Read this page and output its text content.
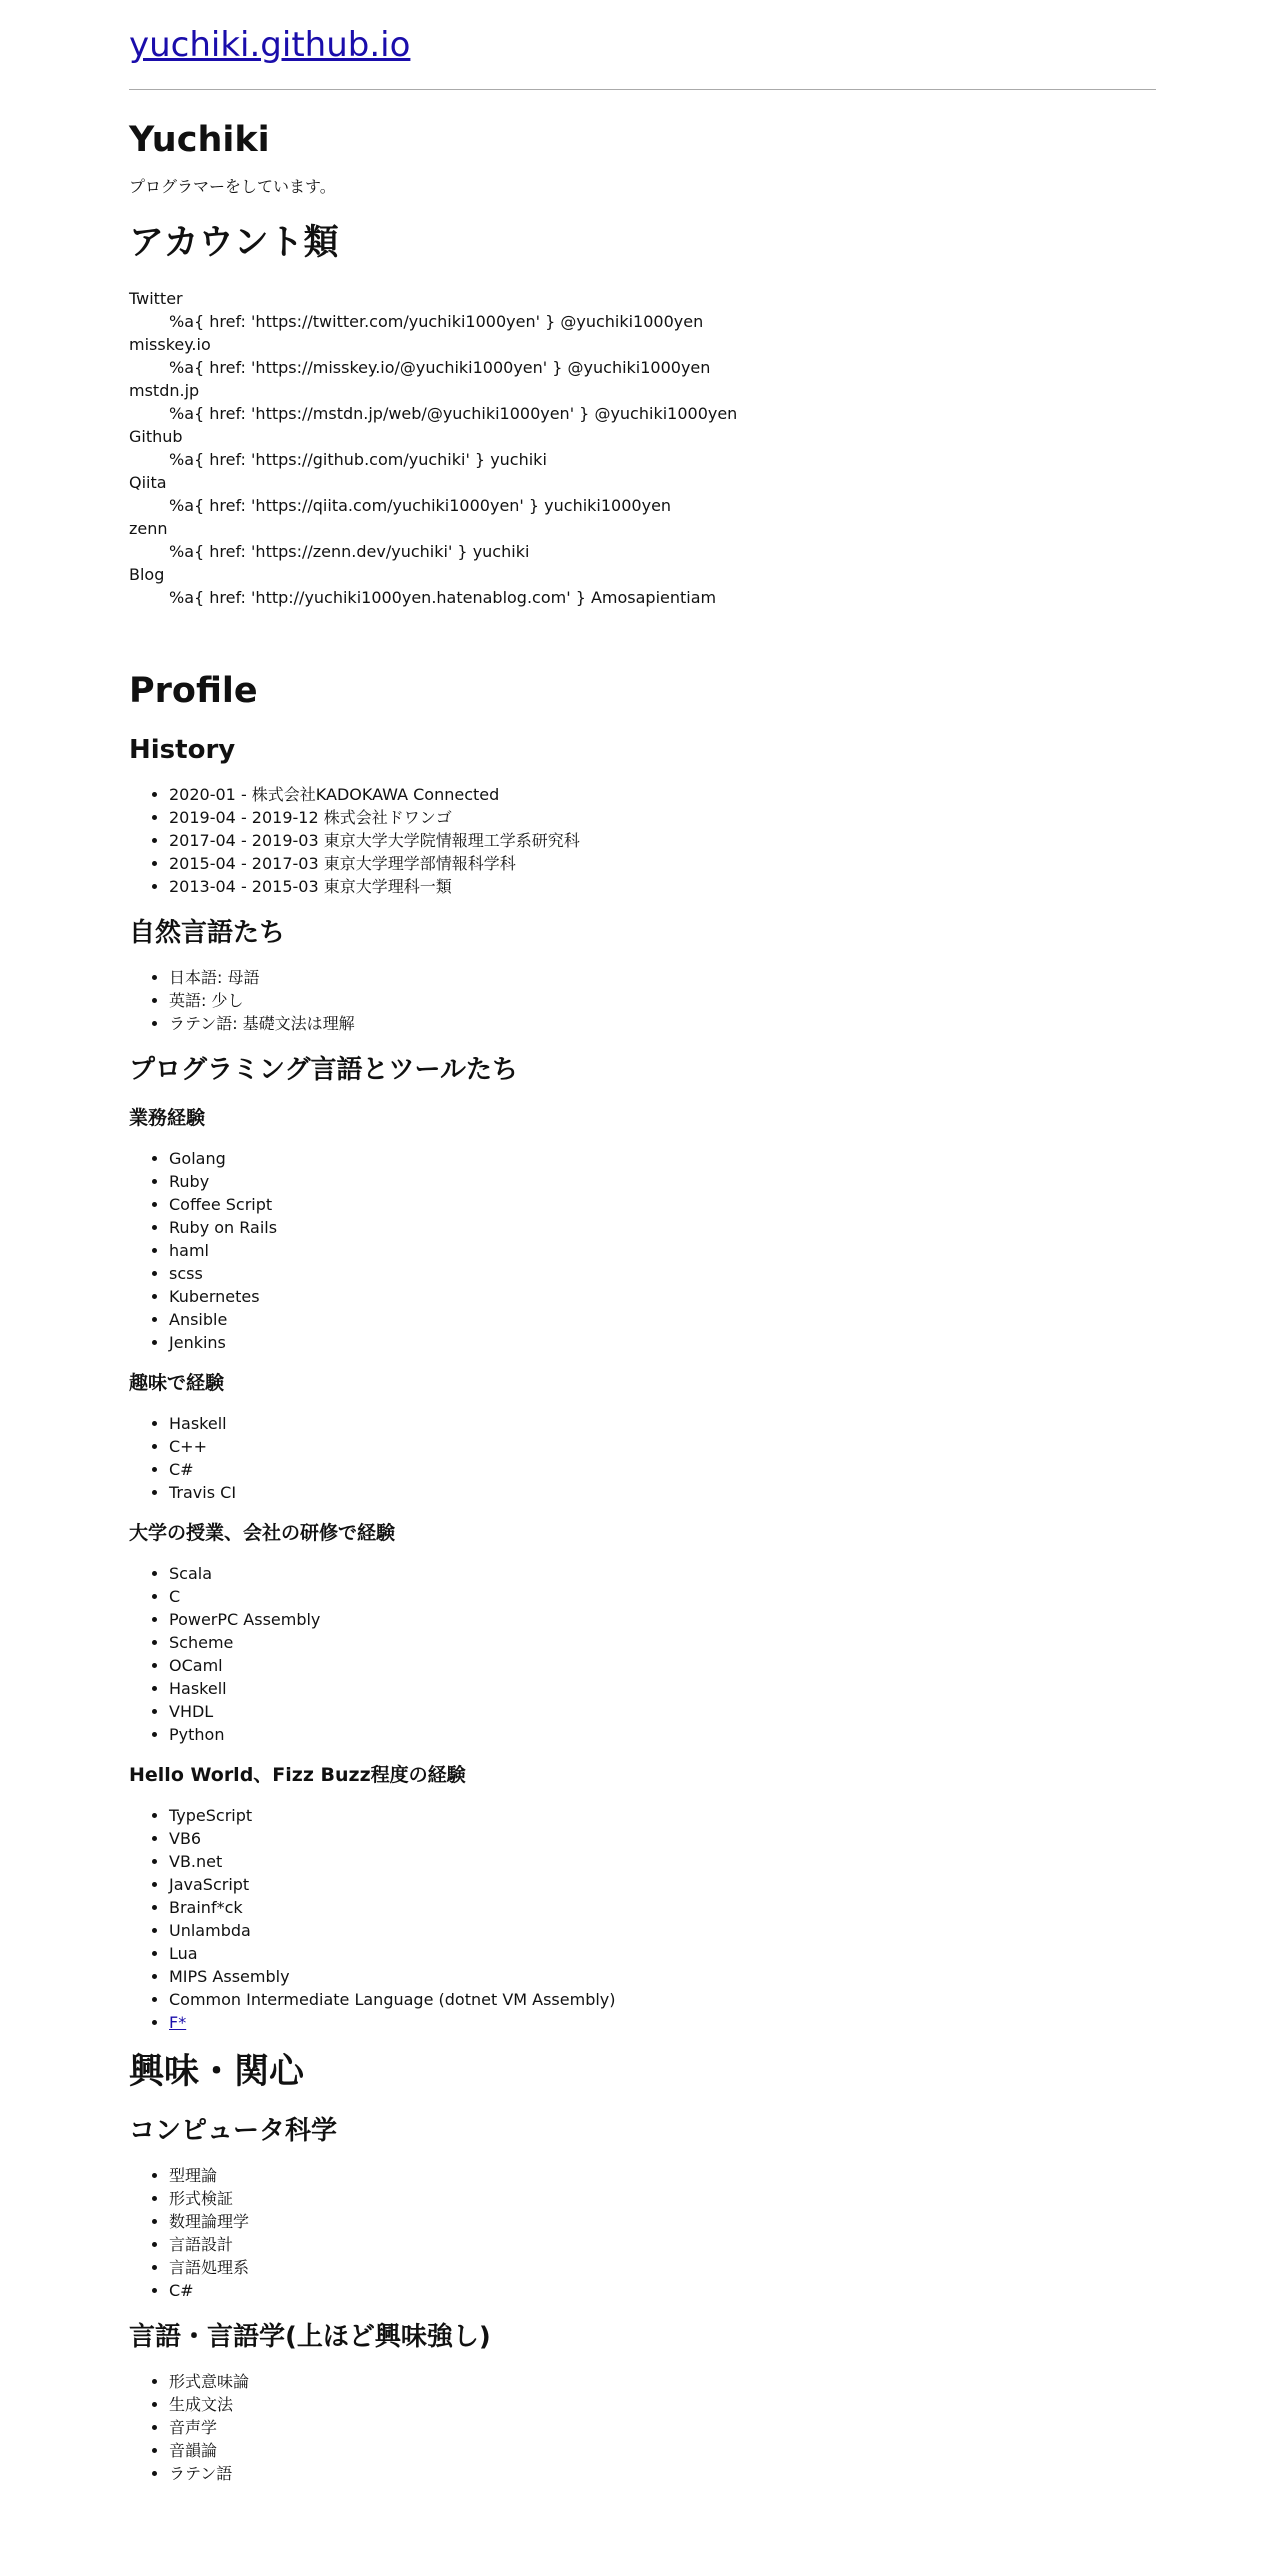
yuchiki.github.io
Yuchiki

プログラマーをしています。

アカウント類
Twitter
%a{ href: 'https://twitter.com/yuchiki1000yen' } @yuchiki1000yen
misskey.io
%a{ href: 'https://misskey.io/@yuchiki1000yen' } @yuchiki1000yen
mstdn.jp
%a{ href: 'https://mstdn.jp/web/@yuchiki1000yen' } @yuchiki1000yen
Github
%a{ href: 'https://github.com/yuchiki' } yuchiki
Qiita
%a{ href: 'https://qiita.com/yuchiki1000yen' } yuchiki1000yen
zenn
%a{ href: 'https://zenn.dev/yuchiki' } yuchiki
Blog
%a{ href: 'http://yuchiki1000yen.hatenablog.com' } Amosapientiam
Profile
History
• 2020-01 - 株式会社KADOKAWA Connected
• 2019-04 - 2019-12 株式会社ドワンゴ
• 2017-04 - 2019-03 東京大学大学院情報理工学系研究科
• 2015-04 - 2017-03 東京大学理学部情報科学科
• 2013-04 - 2015-03 東京大学理科一類
自然言語たち
• 日本語: 母語
• 英語: 少し
• ラテン語: 基礎文法は理解
プログラミング言語とツールたち
業務経験
• Golang
• Ruby
• Coffee Script
• Ruby on Rails
• haml
• scss
• Kubernetes
• Ansible
• Jenkins
趣味で経験
• Haskell
• C++
• C#
• Travis CI
大学の授業、会社の研修で経験
• Scala
• C
• PowerPC Assembly
• Scheme
• OCaml
• Haskell
• VHDL
• Python
Hello World、Fizz Buzz程度の経験
• TypeScript
• VB6
• VB.net
• JavaScript
• Brainf*ck
• Unlambda
• Lua
• MIPS Assembly
• Common Intermediate Language (dotnet VM Assembly)
• F*
興味・関心
コンピュータ科学
• 型理論
• 形式検証
• 数理論理学
• 言語設計
• 言語処理系
• C#
言語・言語学(上ほど興味強し)
• 形式意味論
• 生成文法
• 音声学
• 音韻論
• ラテン語
